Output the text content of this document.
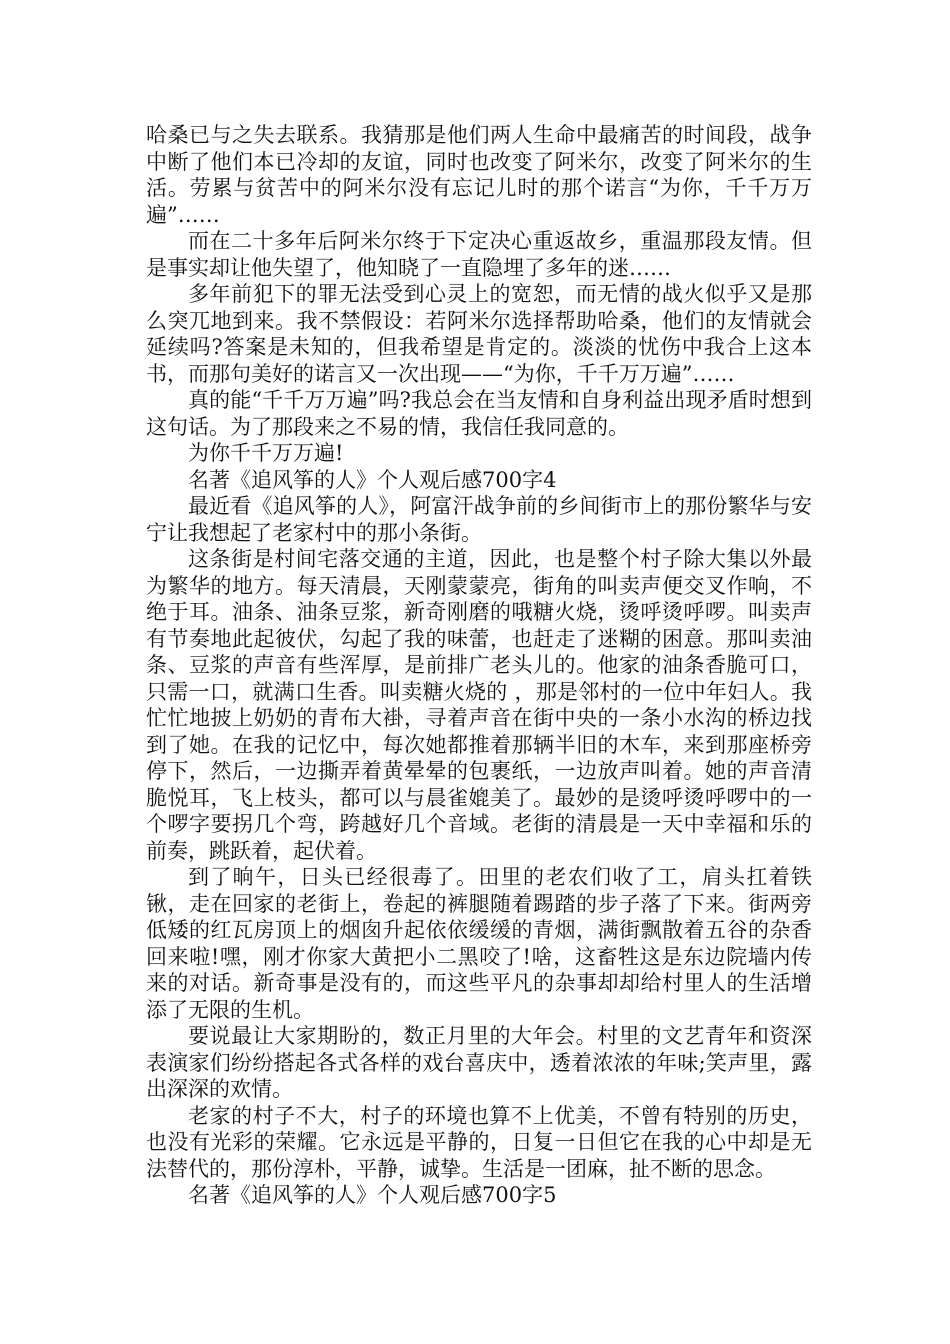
哈桑已与之失去联系。我猜那是他们两人生命中最痛苦的时间段，战争中断了他们本已冷却的友谊，同时也改变了阿米尔，改变了阿米尔的生活。劳累与贫苦中的阿米尔没有忘记儿时的那个诺言“为你，千千万万遍”……

而在二十多年后阿米尔终于下定决心重返故乡，重温那段友情。但是事实却让他失望了，他知晓了一直隐埋了多年的迷……

多年前犯下的罪无法受到心灵上的宽恕，而无情的战火似乎又是那么突兀地到来。我不禁假设：若阿米尔选择帮助哈桑，他们的友情就会延续吗?答案是未知的，但我希望是肯定的。淡淡的忧伤中我合上这本书，而那句美好的诺言又一次出现——“为你，千千万万遍”……

真的能“千千万万遍”吗?我总会在当友情和自身利益出现矛盾时想到这句话。为了那段来之不易的情，我信任我同意的。

为你千千万万遍!

名著《追风筝的人》个人观后感700字4

最近看《追风筝的人》，阿富汗战争前的乡间街市上的那份繁华与安宁让我想起了老家村中的那小条街。

这条街是村间宅落交通的主道，因此，也是整个村子除大集以外最为繁华的地方。每天清晨，天刚蒙蒙亮，街角的叫卖声便交叉作响，不绝于耳。油条、油条豆浆，新奇刚磨的哦糖火烧，烫呼烫呼啰。叫卖声有节奏地此起彼伏，勾起了我的味蕾，也赶走了迷糊的困意。那叫卖油条、豆浆的声音有些浑厚，是前排广老头儿的。他家的油条香脆可口，只需一口，就满口生香。叫卖糖火烧的 ，那是邻村的一位中年妇人。我忙忙地披上奶奶的青布大褂，寻着声音在街中央的一条小水沟的桥边找到了她。在我的记忆中，每次她都推着那辆半旧的木车，来到那座桥旁停下，然后，一边撕弄着黄晕晕的包裹纸，一边放声叫着。她的声音清脆悦耳，飞上枝头，都可以与晨雀媲美了。最妙的是烫呼烫呼啰中的一个啰字要拐几个弯，跨越好几个音域。老街的清晨是一天中幸福和乐的前奏，跳跃着，起伏着。

到了晌午，日头已经很毒了。田里的老农们收了工，肩头扛着铁锹，走在回家的老街上，卷起的裤腿随着踢踏的步子落了下来。街两旁低矮的红瓦房顶上的烟囱升起依依缓缓的青烟，满街飘散着五谷的杂香回来啦!嘿，刚才你家大黄把小二黑咬了!啥，这畜牲这是东边院墙内传来的对话。新奇事是没有的，而这些平凡的杂事却却给村里人的生活增添了无限的生机。

要说最让大家期盼的，数正月里的大年会。村里的文艺青年和资深表演家们纷纷搭起各式各样的戏台喜庆中，透着浓浓的年味;笑声里，露出深深的欢情。

老家的村子不大，村子的环境也算不上优美，不曾有特别的历史，也没有光彩的荣耀。它永远是平静的，日复一日但它在我的心中却是无法替代的，那份淳朴，平静，诚挚。生活是一团麻，扯不断的思念。

名著《追风筝的人》个人观后感700字5
